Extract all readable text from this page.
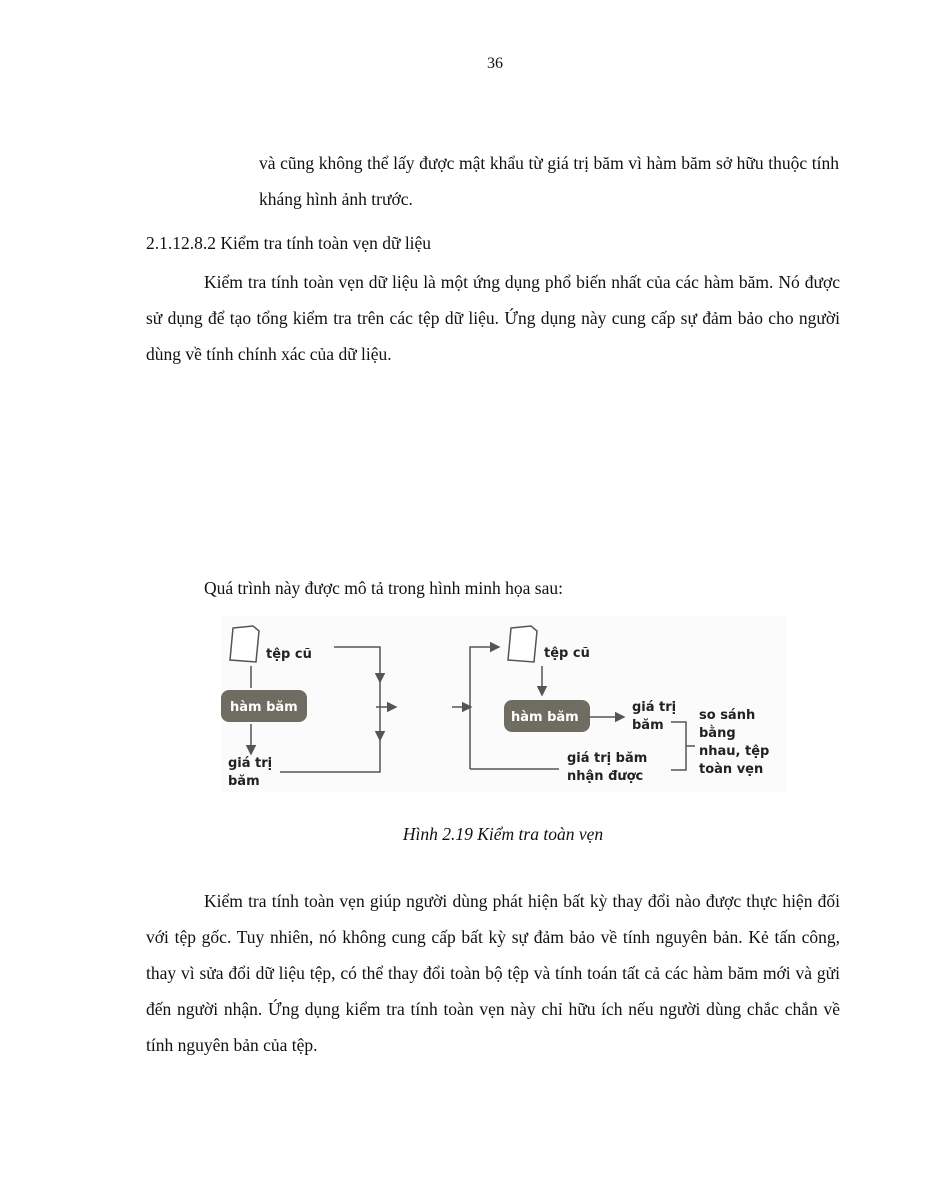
36

và cũng không thể lấy được mật khẩu từ giá trị băm vì hàm băm sở hữu thuộc tính kháng hình ảnh trước.

2.1.12.8.2 Kiểm tra tính toàn vẹn dữ liệu

Kiểm tra tính toàn vẹn dữ liệu là một ứng dụng phổ biến nhất của các hàm băm. Nó được sử dụng để tạo tổng kiểm tra trên các tệp dữ liệu. Ứng dụng này cung cấp sự đảm bảo cho người dùng về tính chính xác của dữ liệu.

Quá trình này được mô tả trong hình minh họa sau:

tệp cũ
hàm băm
giá trị
băm
tệp cũ
hàm băm
giá trị
băm
giá trị băm
nhận được
so sánh
bằng
nhau, tệp
toàn vẹn
Hình 2.19 Kiểm tra toàn vẹn

Kiểm tra tính toàn vẹn giúp người dùng phát hiện bất kỳ thay đổi nào được thực hiện đối với tệp gốc. Tuy nhiên, nó không cung cấp bất kỳ sự đảm bảo về tính nguyên bản. Kẻ tấn công, thay vì sửa đổi dữ liệu tệp, có thể thay đổi toàn bộ tệp và tính toán tất cả các hàm băm mới và gửi đến người nhận. Ứng dụng kiểm tra tính toàn vẹn này chỉ hữu ích nếu người dùng chắc chắn về tính nguyên bản của tệp.
